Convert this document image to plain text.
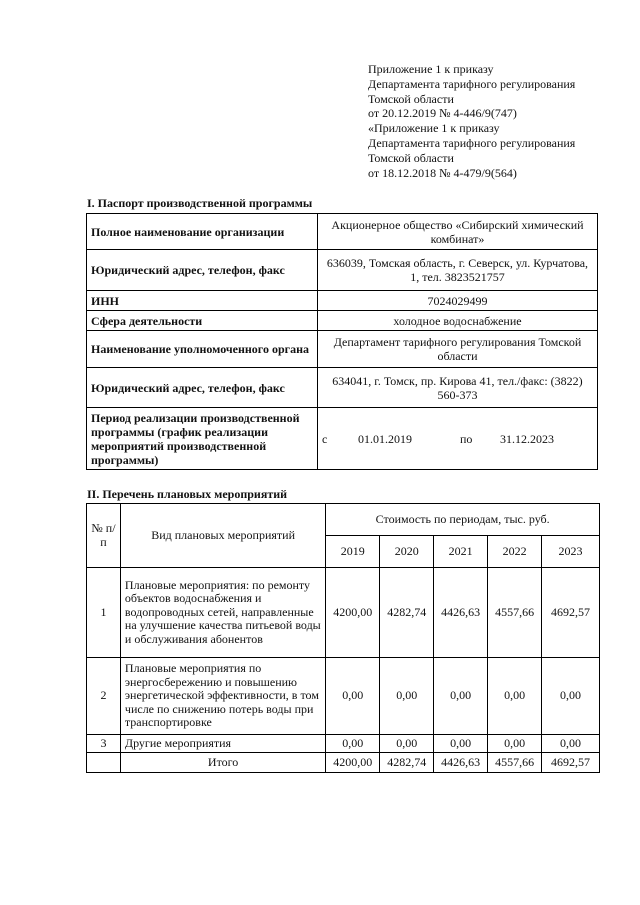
Приложение 1 к приказу
Департамента тарифного регулирования
Томской области
от 20.12.2019 № 4-446/9(747)
«Приложение 1 к приказу
Департамента тарифного регулирования
Томской области
от 18.12.2018 № 4-479/9(564)
I. Паспорт производственной программы
Полное наименование организации	Акционерное общество «Сибирский химический комбинат»
Юридический адрес, телефон, факс	636039, Томская область, г. Северск, ул. Курчатова, 1, тел. 3823521757
ИНН	7024029499
Сфера деятельности	холодное водоснабжение
Наименование уполномоченного органа	Департамент тарифного регулирования Томской области
Юридический адрес, телефон, факс	634041, г. Томск, пр. Кирова 41, тел./факс: (3822) 560-373
Период реализации производственной программы (график реализации мероприятий производственной программы)	с 01.01.2019 по 31.12.2023
II. Перечень плановых мероприятий
№ п/п	Вид плановых мероприятий	Стоимость по периодам, тыс. руб.				
		2019	2020	2021	2022	2023
1	Плановые мероприятия: по ремонту объектов водоснабжения и водопроводных сетей, направленные на улучшение качества питьевой воды и обслуживания абонентов	4200,00	4282,74	4426,63	4557,66	4692,57
2	Плановые мероприятия по энергосбережению и повышению энергетической эффективности, в том числе по снижению потерь воды при транспортировке	0,00	0,00	0,00	0,00	0,00
3	Другие мероприятия	0,00	0,00	0,00	0,00	0,00
	Итого	4200,00	4282,74	4426,63	4557,66	4692,57
